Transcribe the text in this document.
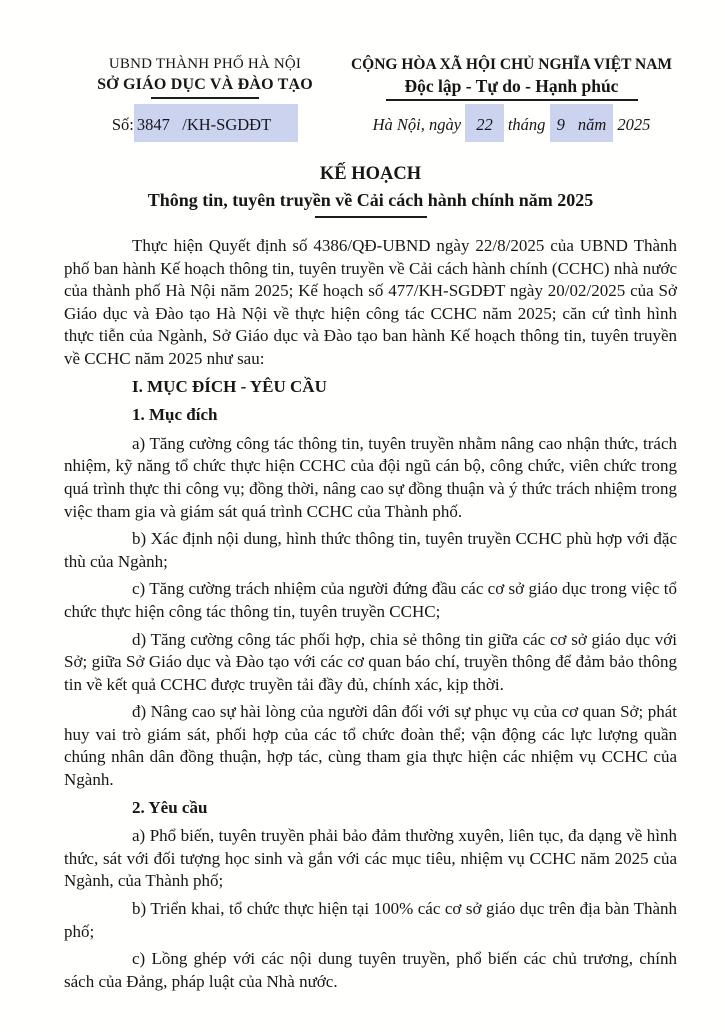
UBND THÀNH PHỐ HÀ NỘI
SỞ GIÁO DỤC VÀ ĐÀO TẠO
Số: 3847   /KH-SGDĐT
CỘNG HÒA XÃ HỘI CHỦ NGHĨA VIỆT NAM
Độc lập - Tự do - Hạnh phúc
Hà Nội, ngày 22 tháng 9 năm 2025
KẾ HOẠCH
Thông tin, tuyên truyền về Cải cách hành chính năm 2025

Thực hiện Quyết định số 4386/QĐ-UBND ngày 22/8/2025 của UBND Thành phố ban hành Kế hoạch thông tin, tuyên truyền về Cải cách hành chính (CCHC) nhà nước của thành phố Hà Nội năm 2025; Kế hoạch số 477/KH-SGDĐT ngày 20/02/2025 của Sở Giáo dục và Đào tạo Hà Nội về thực hiện công tác CCHC năm 2025; căn cứ tình hình thực tiễn của Ngành, Sở Giáo dục và Đào tạo ban hành Kế hoạch thông tin, tuyên truyền về CCHC năm 2025 như sau:

I. MỤC ĐÍCH - YÊU CẦU

1. Mục đích

a) Tăng cường công tác thông tin, tuyên truyền nhằm nâng cao nhận thức, trách nhiệm, kỹ năng tổ chức thực hiện CCHC của đội ngũ cán bộ, công chức, viên chức trong quá trình thực thi công vụ; đồng thời, nâng cao sự đồng thuận và ý thức trách nhiệm trong việc tham gia và giám sát quá trình CCHC của Thành phố.

b) Xác định nội dung, hình thức thông tin, tuyên truyền CCHC phù hợp với đặc thù của Ngành;

c) Tăng cường trách nhiệm của người đứng đầu các cơ sở giáo dục trong việc tổ chức thực hiện công tác thông tin, tuyên truyền CCHC;

d) Tăng cường công tác phối hợp, chia sẻ thông tin giữa các cơ sở giáo dục với Sở; giữa Sở Giáo dục và Đào tạo với các cơ quan báo chí, truyền thông để đảm bảo thông tin về kết quả CCHC được truyền tải đầy đủ, chính xác, kịp thời.

đ) Nâng cao sự hài lòng của người dân đối với sự phục vụ của cơ quan Sở; phát huy vai trò giám sát, phối hợp của các tổ chức đoàn thể; vận động các lực lượng quần chúng nhân dân đồng thuận, hợp tác, cùng tham gia thực hiện các nhiệm vụ CCHC của Ngành.

2. Yêu cầu

a) Phổ biến, tuyên truyền phải bảo đảm thường xuyên, liên tục, đa dạng về hình thức, sát với đối tượng học sinh và gắn với các mục tiêu, nhiệm vụ CCHC năm 2025 của Ngành, của Thành phố;

b) Triển khai, tổ chức thực hiện tại 100% các cơ sở giáo dục trên địa bàn Thành phố;

c) Lồng ghép với các nội dung tuyên truyền, phổ biến các chủ trương, chính sách của Đảng, pháp luật của Nhà nước.
